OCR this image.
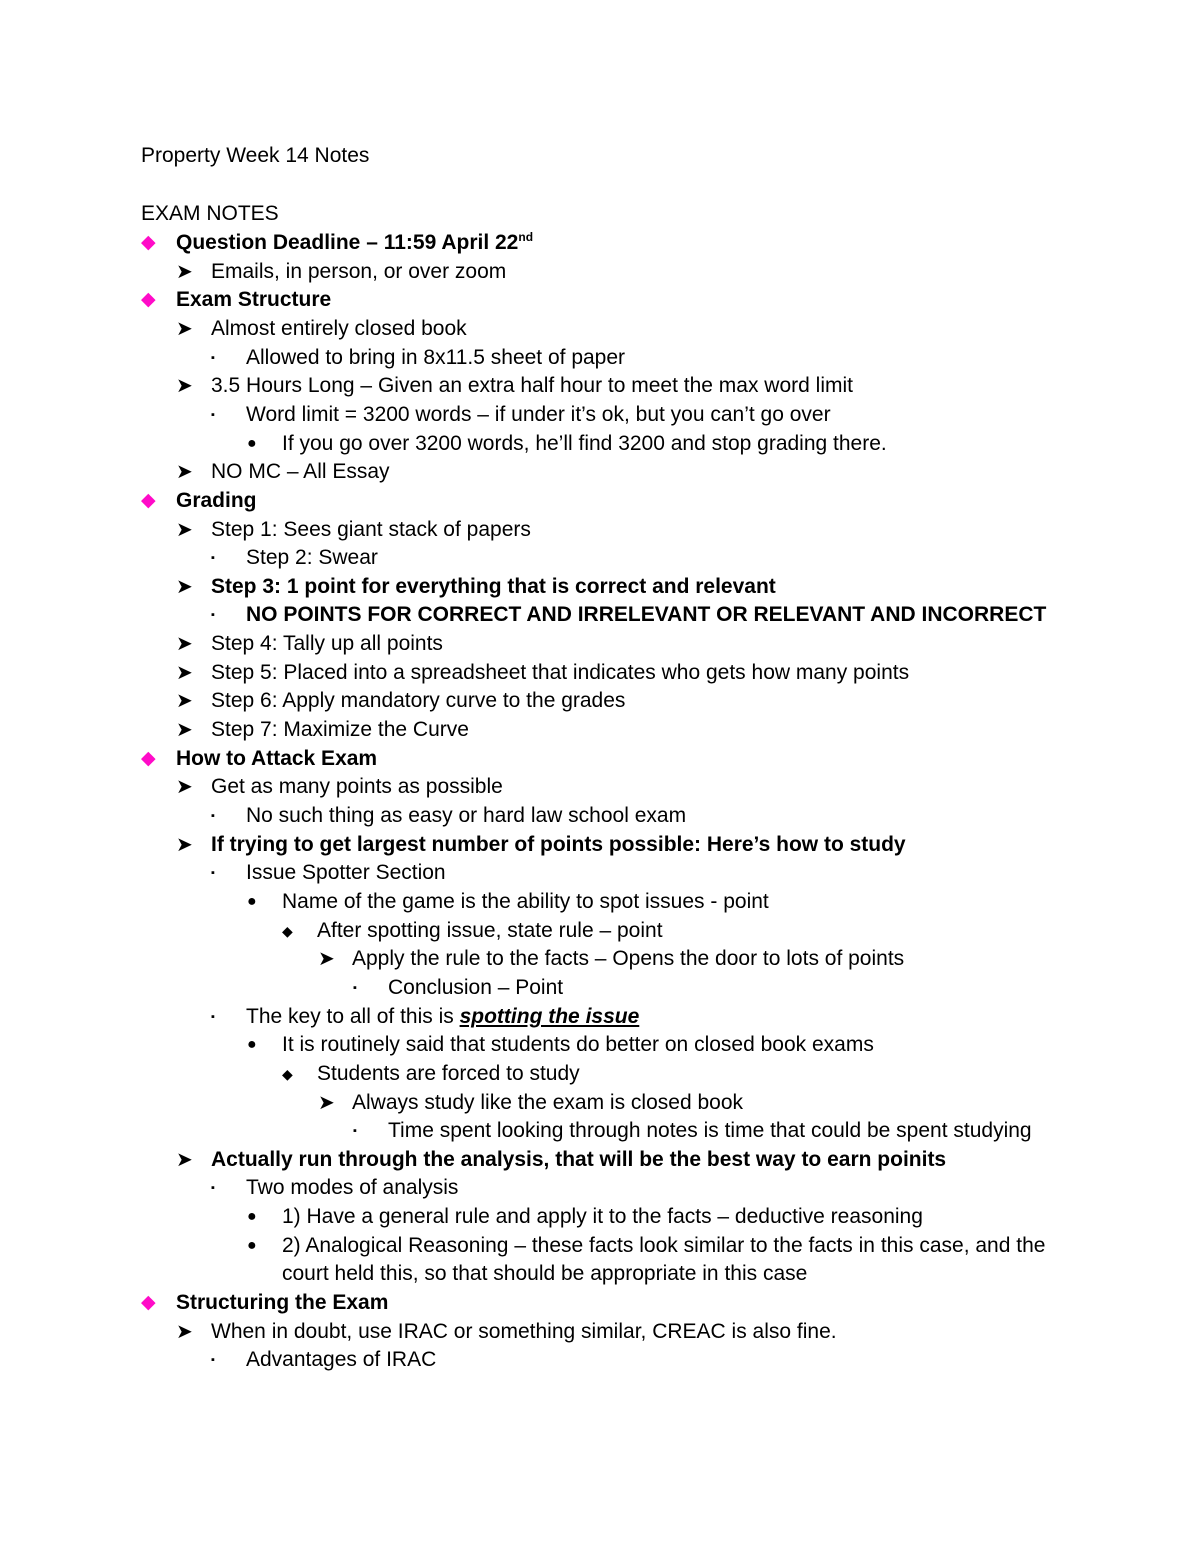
Property Week 14 Notes
EXAM NOTES
◆ Question Deadline – 11:59 April 22nd
➤ Emails, in person, or over zoom
◆ Exam Structure
➤ Almost entirely closed book
▪ Allowed to bring in 8x11.5 sheet of paper
➤ 3.5 Hours Long – Given an extra half hour to meet the max word limit
▪ Word limit = 3200 words – if under it’s ok, but you can’t go over
● If you go over 3200 words, he’ll find 3200 and stop grading there.
➤ NO MC – All Essay
◆ Grading
➤ Step 1: Sees giant stack of papers
▪ Step 2: Swear
➤ Step 3: 1 point for everything that is correct and relevant
▪ NO POINTS FOR CORRECT AND IRRELEVANT OR RELEVANT AND INCORRECT
➤ Step 4: Tally up all points
➤ Step 5: Placed into a spreadsheet that indicates who gets how many points
➤ Step 6: Apply mandatory curve to the grades
➤ Step 7: Maximize the Curve
◆ How to Attack Exam
➤ Get as many points as possible
▪ No such thing as easy or hard law school exam
➤ If trying to get largest number of points possible: Here’s how to study
▪ Issue Spotter Section
● Name of the game is the ability to spot issues - point
◆ After spotting issue, state rule – point
➤ Apply the rule to the facts – Opens the door to lots of points
▪ Conclusion – Point
▪ The key to all of this is spotting the issue
● It is routinely said that students do better on closed book exams
◆ Students are forced to study
➤ Always study like the exam is closed book
▪ Time spent looking through notes is time that could be spent studying
➤ Actually run through the analysis, that will be the best way to earn poinits
▪ Two modes of analysis
● 1) Have a general rule and apply it to the facts – deductive reasoning
● 2) Analogical Reasoning – these facts look similar to the facts in this case, and the
court held this, so that should be appropriate in this case
◆ Structuring the Exam
➤ When in doubt, use IRAC or something similar, CREAC is also fine.
▪ Advantages of IRAC
